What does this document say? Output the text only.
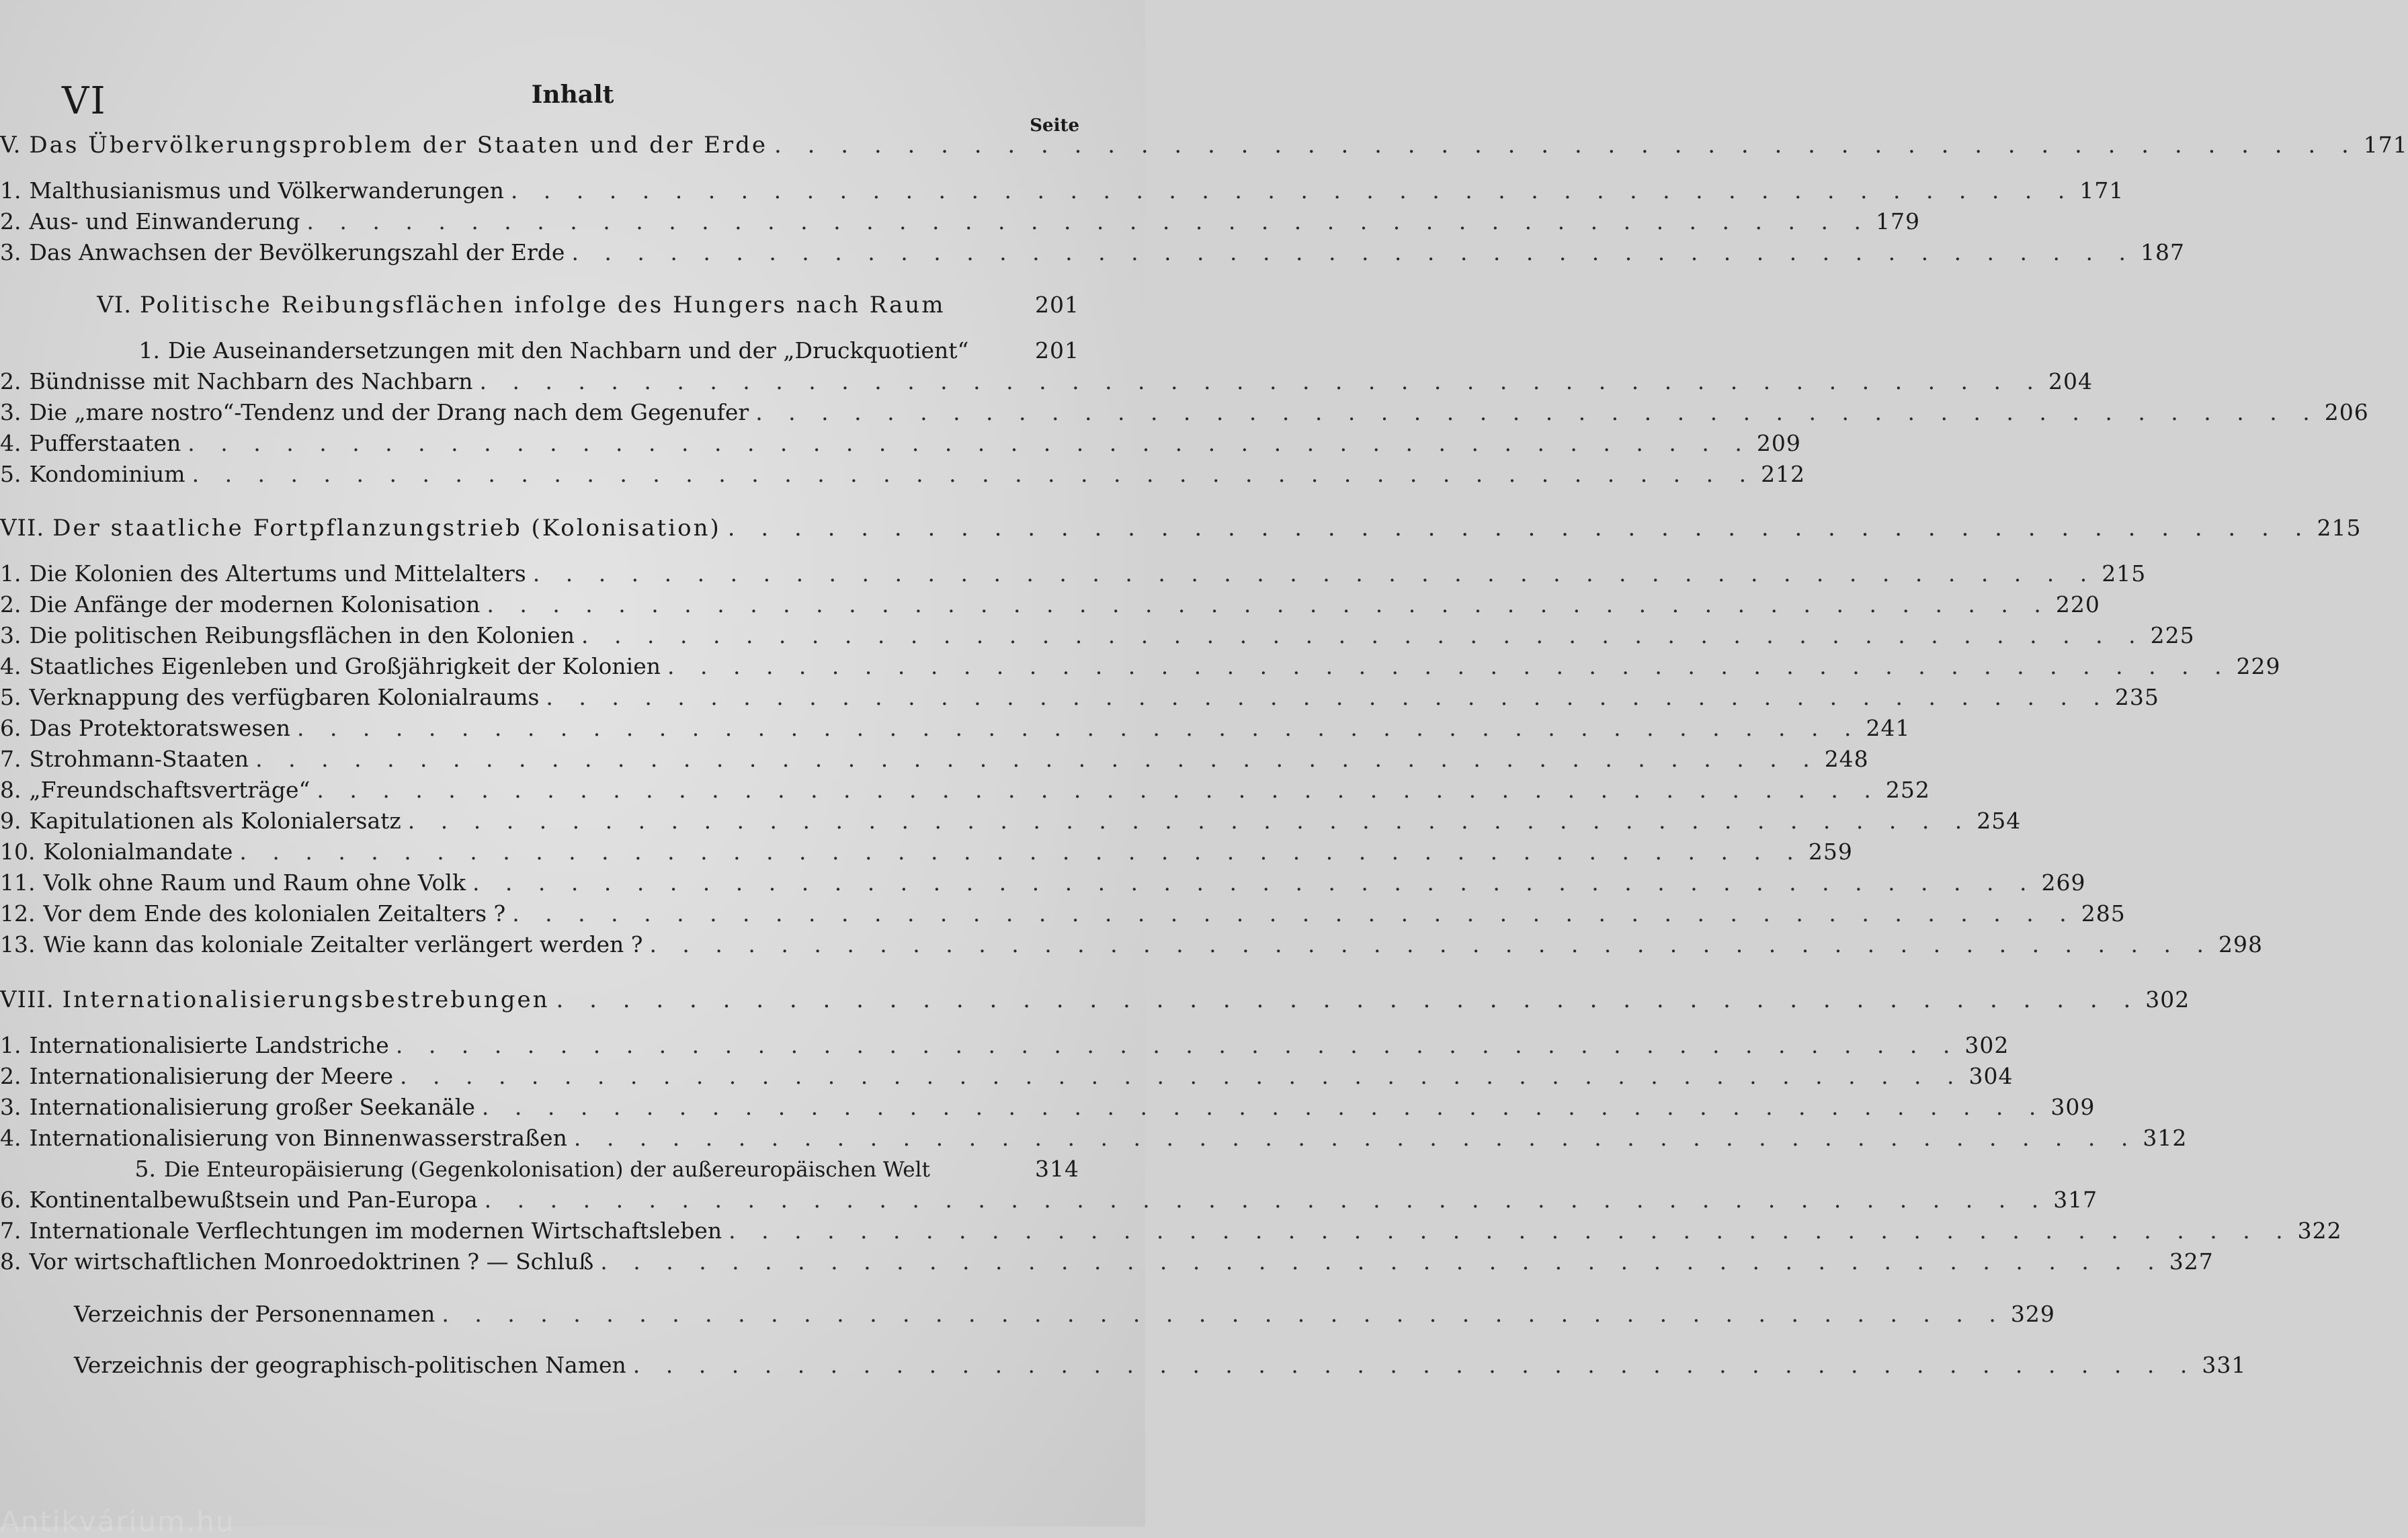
VI	Inhalt
Seite
V. Das Übervölkerungsproblem der Staaten und der Erde . . . . . . . . . . . . . . . . . . . . . . . . . . . . . . . . . . . . . . . . . . . . . . . . 171
1. Malthusianismus und Völkerwanderungen . . . . . . . . . . . . . . . . . . . . . . . . . . . . . . . . . . . . . . . . . . . . . . . . 171
2. Aus- und Einwanderung . . . . . . . . . . . . . . . . . . . . . . . . . . . . . . . . . . . . . . . . . . . . . . . . 179
3. Das Anwachsen der Bevölkerungszahl der Erde . . . . . . . . . . . . . . . . . . . . . . . . . . . . . . . . . . . . . . . . . . . . . . . . 187
VI. Politische Reibungsflächen infolge des Hungers nach Raum	201
1. Die Auseinandersetzungen mit den Nachbarn und der „Druckquotient“	201
2. Bündnisse mit Nachbarn des Nachbarn . . . . . . . . . . . . . . . . . . . . . . . . . . . . . . . . . . . . . . . . . . . . . . . . 204
3. Die „mare nostro“-Tendenz und der Drang nach dem Gegenufer . . . . . . . . . . . . . . . . . . . . . . . . . . . . . . . . . . . . . . . . . . . . . . . . 206
4. Pufferstaaten . . . . . . . . . . . . . . . . . . . . . . . . . . . . . . . . . . . . . . . . . . . . . . . . 209
5. Kondominium . . . . . . . . . . . . . . . . . . . . . . . . . . . . . . . . . . . . . . . . . . . . . . . . 212
VII. Der staatliche Fortpflanzungstrieb (Kolonisation) . . . . . . . . . . . . . . . . . . . . . . . . . . . . . . . . . . . . . . . . . . . . . . . . 215
1. Die Kolonien des Altertums und Mittelalters . . . . . . . . . . . . . . . . . . . . . . . . . . . . . . . . . . . . . . . . . . . . . . . . 215
2. Die Anfänge der modernen Kolonisation . . . . . . . . . . . . . . . . . . . . . . . . . . . . . . . . . . . . . . . . . . . . . . . . 220
3. Die politischen Reibungsflächen in den Kolonien . . . . . . . . . . . . . . . . . . . . . . . . . . . . . . . . . . . . . . . . . . . . . . . . 225
4. Staatliches Eigenleben und Großjährigkeit der Kolonien . . . . . . . . . . . . . . . . . . . . . . . . . . . . . . . . . . . . . . . . . . . . . . . . 229
5. Verknappung des verfügbaren Kolonialraums . . . . . . . . . . . . . . . . . . . . . . . . . . . . . . . . . . . . . . . . . . . . . . . . 235
6. Das Protektoratswesen . . . . . . . . . . . . . . . . . . . . . . . . . . . . . . . . . . . . . . . . . . . . . . . . 241
7. Strohmann-Staaten . . . . . . . . . . . . . . . . . . . . . . . . . . . . . . . . . . . . . . . . . . . . . . . . 248
8. „Freundschaftsverträge“ . . . . . . . . . . . . . . . . . . . . . . . . . . . . . . . . . . . . . . . . . . . . . . . . 252
9. Kapitulationen als Kolonialersatz . . . . . . . . . . . . . . . . . . . . . . . . . . . . . . . . . . . . . . . . . . . . . . . . 254
10. Kolonialmandate . . . . . . . . . . . . . . . . . . . . . . . . . . . . . . . . . . . . . . . . . . . . . . . . 259
11. Volk ohne Raum und Raum ohne Volk . . . . . . . . . . . . . . . . . . . . . . . . . . . . . . . . . . . . . . . . . . . . . . . . 269
12. Vor dem Ende des kolonialen Zeitalters ? . . . . . . . . . . . . . . . . . . . . . . . . . . . . . . . . . . . . . . . . . . . . . . . . 285
13. Wie kann das koloniale Zeitalter verlängert werden ? . . . . . . . . . . . . . . . . . . . . . . . . . . . . . . . . . . . . . . . . . . . . . . . . 298
VIII. Internationalisierungsbestrebungen . . . . . . . . . . . . . . . . . . . . . . . . . . . . . . . . . . . . . . . . . . . . . . . . 302
1. Internationalisierte Landstriche . . . . . . . . . . . . . . . . . . . . . . . . . . . . . . . . . . . . . . . . . . . . . . . . 302
2. Internationalisierung der Meere . . . . . . . . . . . . . . . . . . . . . . . . . . . . . . . . . . . . . . . . . . . . . . . . 304
3. Internationalisierung großer Seekanäle . . . . . . . . . . . . . . . . . . . . . . . . . . . . . . . . . . . . . . . . . . . . . . . . 309
4. Internationalisierung von Binnenwasserstraßen . . . . . . . . . . . . . . . . . . . . . . . . . . . . . . . . . . . . . . . . . . . . . . . . 312
5. Die Enteuropäisierung (Gegenkolonisation) der außereuropäischen Welt	314
6. Kontinentalbewußtsein und Pan-Europa . . . . . . . . . . . . . . . . . . . . . . . . . . . . . . . . . . . . . . . . . . . . . . . . 317
7. Internationale Verflechtungen im modernen Wirtschaftsleben . . . . . . . . . . . . . . . . . . . . . . . . . . . . . . . . . . . . . . . . . . . . . . . . 322
8. Vor wirtschaftlichen Monroedoktrinen ? — Schluß . . . . . . . . . . . . . . . . . . . . . . . . . . . . . . . . . . . . . . . . . . . . . . . . 327
Verzeichnis der Personennamen . . . . . . . . . . . . . . . . . . . . . . . . . . . . . . . . . . . . . . . . . . . . . . . . 329
Verzeichnis der geographisch-politischen Namen . . . . . . . . . . . . . . . . . . . . . . . . . . . . . . . . . . . . . . . . . . . . . . . . 331
Antikvárium.hu
